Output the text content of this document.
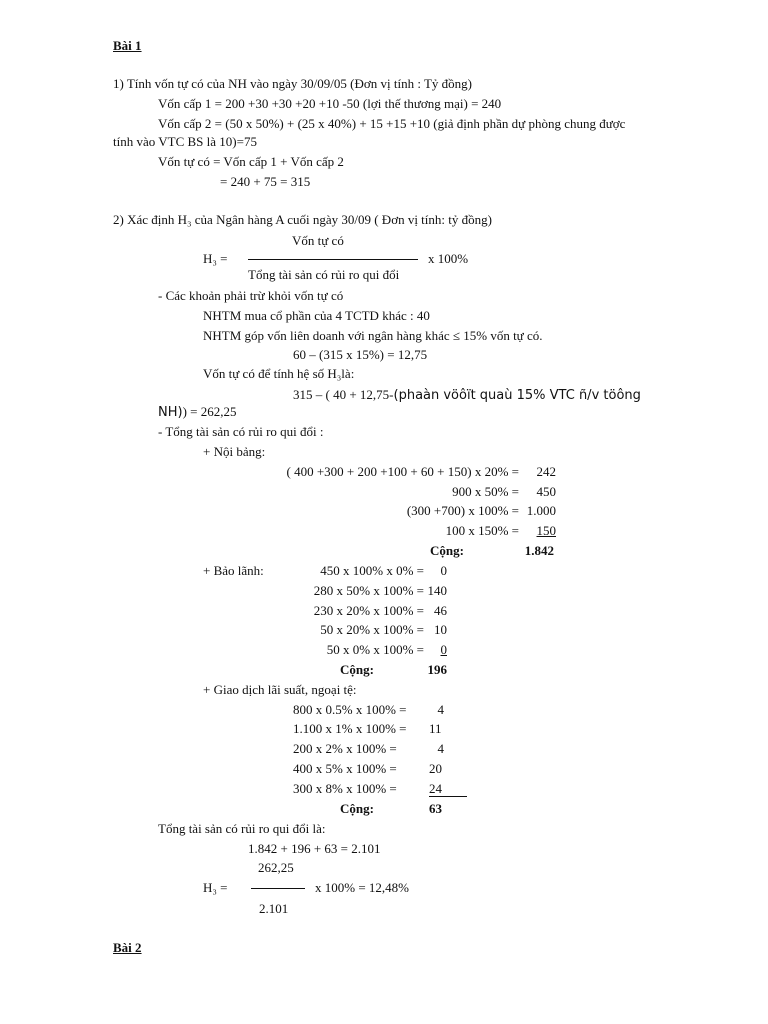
Bài 1
1) Tính vốn tự có của NH vào ngày 30/09/05 (Đơn vị tính : Tỷ đồng)
Vốn cấp 1 = 200 +30 +30 +20 +10 -50 (lợi thế thương mại) = 240
Vốn cấp 2 = (50 x 50%) + (25 x 40%) + 15 +15 +10 (giả định phần dự phòng chung được
tính vào VTC BS là 10)=75
Vốn tự có = Vốn cấp 1 + Vốn cấp 2
= 240 + 75 = 315
2) Xác định H₃ của Ngân hàng A cuối ngày 30/09 ( Đơn vị tính: tỷ đồng)
Vốn tự có
H₃ =	x 100%
Tổng tài sản có rủi ro qui đổi
- Các khoản phải trừ khỏi vốn tự có
NHTM mua cổ phần của 4 TCTD khác : 40
NHTM góp vốn liên doanh với ngân hàng khác ≤ 15% vốn tự có.
60 – (315 x 15%) = 12,75
Vốn tự có để tính hệ số H₃là:
315 – ( 40 + 12,75-(phaàn vöôït quaù 15% VTC ñ/v töông
NH)) = 262,25
- Tổng tài sản có rủi ro qui đổi :
+ Nội bảng:
( 400 +300 + 200 +100 + 60 + 150) x 20% =	242
900 x 50% =	450
(300 +700) x 100% = 1.000
100 x 150% =	150
Cộng:	1.842
+ Bảo lãnh:	450 x 100% x 0% =	0
280 x 50% x 100% = 140
230 x 20% x 100% = 46
50 x 20% x 100% = 10
50 x 0% x 100% =	0
Cộng:	196
+ Giao dịch lãi suất, ngoại tệ:
800 x 0.5% x 100% =	4
1.100 x 1% x 100% = 11
200 x 2% x 100% =	4
400 x 5% x 100% = 20
300 x 8% x 100% = 24
Cộng:	63
Tổng tài sản có rủi ro qui đổi là:
1.842 + 196 + 63 = 2.101
262,25
H₃ =	x 100% = 12,48%
2.101
Bài 2
